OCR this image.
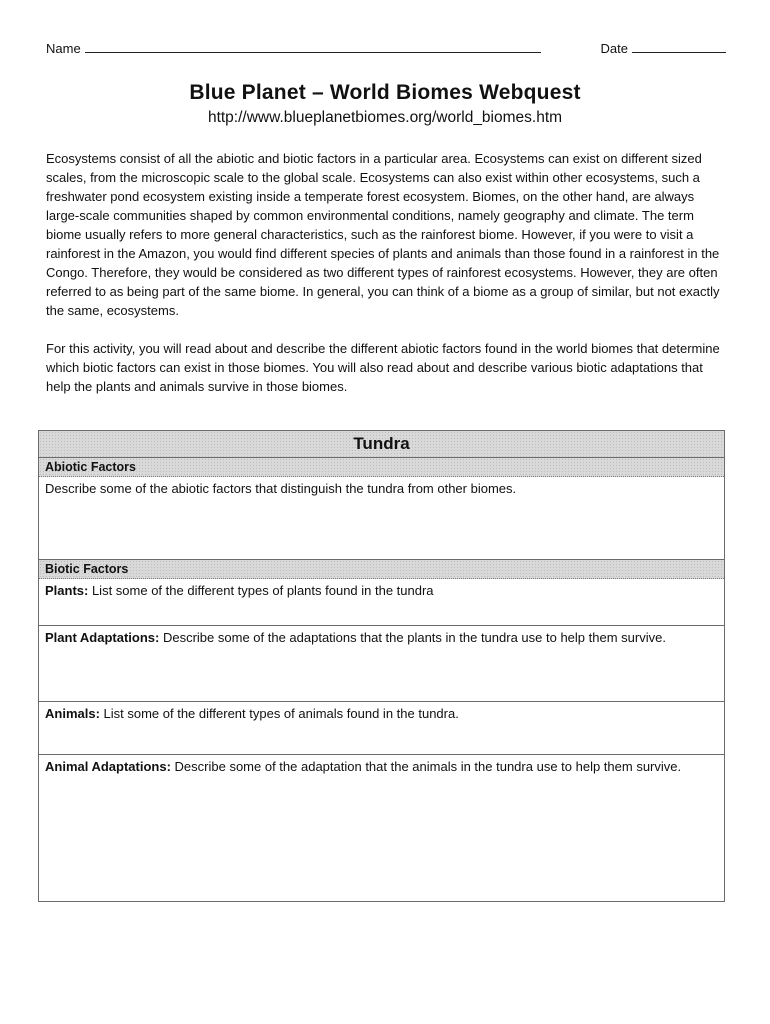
Name	Date
Blue Planet – World Biomes Webquest
http://www.blueplanetbiomes.org/world_biomes.htm

Ecosystems consist of all the abiotic and biotic factors in a particular area. Ecosystems can exist on different sized scales, from the microscopic scale to the global scale. Ecosystems can also exist within other ecosystems, such a freshwater pond ecosystem existing inside a temperate forest ecosystem. Biomes, on the other hand, are always large-scale communities shaped by common environmental conditions, namely geography and climate. The term biome usually refers to more general characteristics, such as the rainforest biome. However, if you were to visit a rainforest in the Amazon, you would find different species of plants and animals than those found in a rainforest in the Congo. Therefore, they would be considered as two different types of rainforest ecosystems. However, they are often referred to as being part of the same biome. In general, you can think of a biome as a group of similar, but not exactly the same, ecosystems.

For this activity, you will read about and describe the different abiotic factors found in the world biomes that determine which biotic factors can exist in those biomes. You will also read about and describe various biotic adaptations that help the plants and animals survive in those biomes.

Tundra
Abiotic Factors
Describe some of the abiotic factors that distinguish the tundra from other biomes.
Biotic Factors
Plants: List some of the different types of plants found in the tundra
Plant Adaptations: Describe some of the adaptations that the plants in the tundra use to help them survive.
Animals: List some of the different types of animals found in the tundra.
Animal Adaptations: Describe some of the adaptation that the animals in the tundra use to help them survive.
